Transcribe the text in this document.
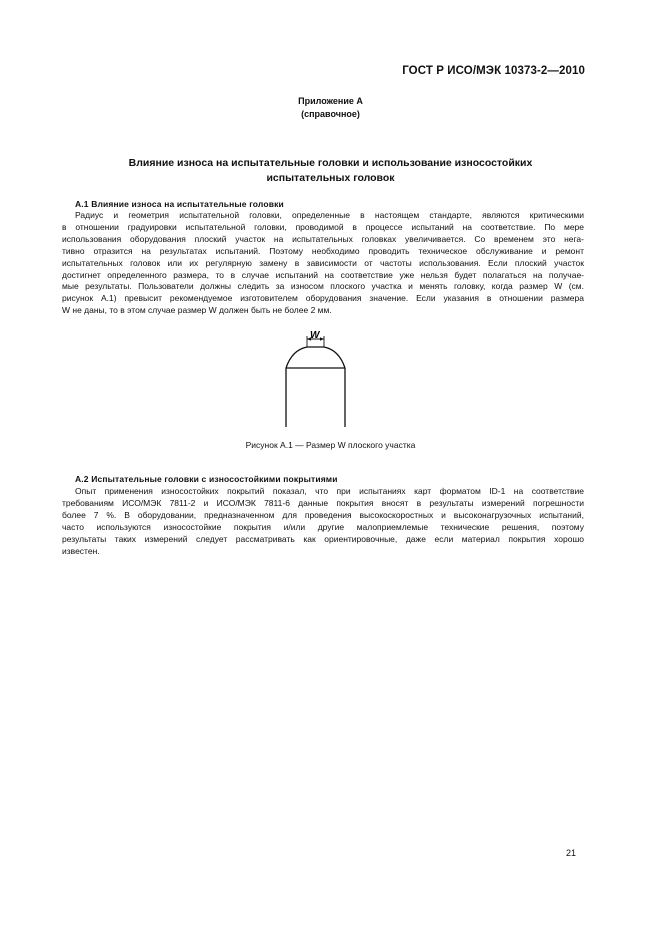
ГОСТ Р ИСО/МЭК 10373-2—2010
Приложение А
(справочное)
Влияние износа на испытательные головки и использование износостойких
испытательных головок
А.1 Влияние износа на испытательные головки
Радиус и геометрия испытательной головки, определенные в настоящем стандарте, являются критическими
в отношении градуировки испытательной головки, проводимой в процессе испытаний на соответствие. По мере
использования оборудования плоский участок на испытательных головках увеличивается. Со временем это нега-
тивно отразится на результатах испытаний. Поэтому необходимо проводить техническое обслуживание и ремонт
испытательных головок или их регулярную замену в зависимости от частоты использования. Если плоский участок
достигнет определенного размера, то в случае испытаний на соответствие уже нельзя будет полагаться на получае-
мые результаты. Пользователи должны следить за износом плоского участка и менять головку, когда размер W (см.
рисунок А.1) превысит рекомендуемое изготовителем оборудования значение. Если указания в отношении размера
W не даны, то в этом случае размер W должен быть не более 2 мм.
W
Рисунок А.1 — Размер W плоского участка
А.2 Испытательные головки с износостойкими покрытиями
Опыт применения износостойких покрытий показал, что при испытаниях карт форматом ID-1 на соответствие
требованиям ИСО/МЭК 7811-2 и ИСО/МЭК 7811-6 данные покрытия вносят в результаты измерений погрешности
более 7 %. В оборудовании, предназначенном для проведения высокоскоростных и высоконагрузочных испытаний,
часто используются износостойкие покрытия и/или другие малоприемлемые технические решения, поэтому
результаты таких измерений следует рассматривать как ориентировочные, даже если материал покрытия хорошо
известен.
21
